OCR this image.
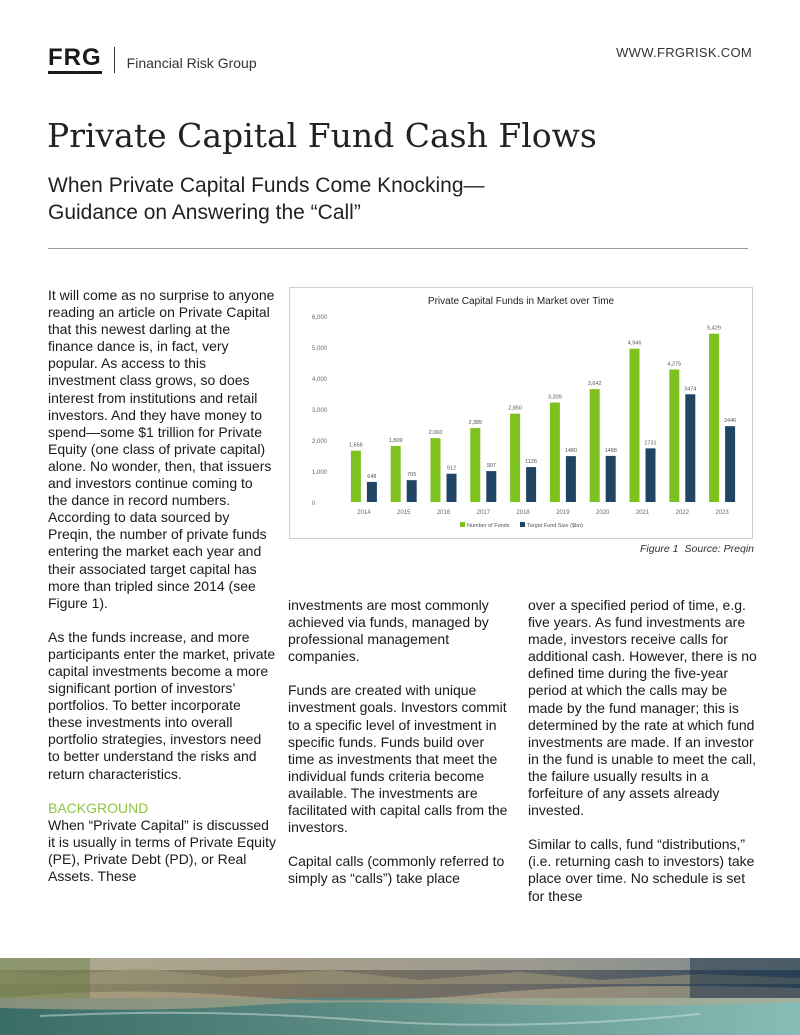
FRG Financial Risk Group
WWW.FRGRISK.COM
Private Capital Fund Cash Flows
When Private Capital Funds Come Knocking— Guidance on Answering the “Call”

It will come as no surprise to anyone reading an article on Private Capital that this newest darling at the finance dance is, in fact, very popular. As access to this investment class grows, so does interest from institutions and retail investors. And they have money to spend—some $1 trillion for Private Equity (one class of private capital) alone. No wonder, then, that issuers and investors continue coming to the dance in record numbers. According to data sourced by Preqin, the number of private funds entering the market each year and their associated target capital has more than tripled since 2014 (see Figure 1).

As the funds increase, and more participants enter the market, private capital investments become a more significant portion of investors’ portfolios. To better incorporate these investments into overall portfolio strategies, investors need to better understand the risks and return characteristics.

BACKGROUND

When “Private Capital” is discussed it is usually in terms of Private Equity (PE), Private Debt (PD), or Real Assets. These

investments are most commonly achieved via funds, managed by professional management companies.

Funds are created with unique investment goals. Investors commit to a specific level of investment in specific funds. Funds build over time as investments that meet the individual funds criteria become available. The investments are facilitated with capital calls from the investors.

Capital calls (commonly referred to simply as “calls”) take place

over a specified period of time, e.g. five years. As fund investments are made, investors receive calls for additional cash. However, there is no defined time during the five-year period at which the calls may be made by the fund manager; this is determined by the rate at which fund investments are made. If an investor in the fund is unable to meet the call, the failure usually results in a forfeiture of any assets already invested.

Similar to calls, fund “distributions,” (i.e. returning cash to investors) take place over time. No schedule is set for these

Private Capital Funds in Market over Time
0
1,000
2,000
3,000
4,000
5,000
6,000
1,656
648
1,809
705
2,060
912
2,385
997
2,850
1126
3,209
1480
3,642
1488
4,946
1731
4,275
3474
5,429
2446
2014	2015	2016	2017	2018	2019	2020	2021	2022	2023
Number of Funds	Target Fund Size ($bn)
Figure 1 Source: Preqin
